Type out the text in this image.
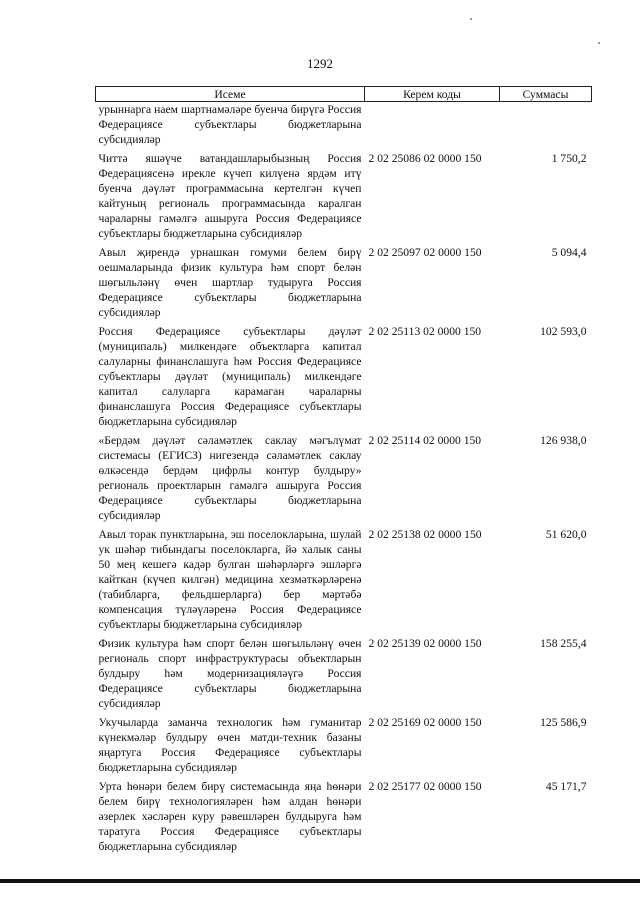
1292
Исеме	Керем коды	Суммасы
урыннарга наем шартнамәләре буенча бирүгә Россия Федерациясе субъектлары бюджетларына субсидияләр		
Читтә яшәүче ватандашларыбызның Россия Федерациясенә ирекле күчеп килүенә ярдәм итү буенча дәүләт программасына кертелгән күчеп кайтуның региональ программасында каралган чараларны гамәлгә ашыруга Россия Федерациясе субъектлары бюджетларына субсидияләр	2 02 25086 02 0000 150	1 750,2
Авыл җирендә урнашкан гомуми белем бирү оешмаларында физик культура һәм спорт белән шөгыльләнү өчен шартлар тудыруга Россия Федерациясе субъектлары бюджетларына субсидияләр	2 02 25097 02 0000 150	5 094,4
Россия Федерациясе субъектлары дәүләт (муниципаль) милкендәге объектларга капитал салуларны финанслашуга һәм Россия Федерациясе субъектлары дәүләт (муниципаль) милкендәге капитал салуларга карамаган чараларны финанслашуга Россия Федерациясе субъектлары бюджетларына субсидияләр	2 02 25113 02 0000 150	102 593,0
«Бердәм дәүләт сәламәтлек саклау мәгълүмат системасы (ЕГИСЗ) нигезендә сәламәтлек саклау өлкәсендә бердәм цифрлы контур булдыру» региональ проектларын гамәлгә ашыруга Россия Федерациясе субъектлары бюджетларына субсидияләр	2 02 25114 02 0000 150	126 938,0
Авыл торак пунктларына, эш поселокларына, шулай ук шәһәр тибындагы поселокларга, йә халык саны 50 мең кешегә кадәр булган шәһәрләргә эшләргә кайткан (күчеп килгән) медицина хезмәткәрләренә (табибларга, фельдшерларга) бер мәртәбә компенсация түләүләренә Россия Федерациясе субъектлары бюджетларына субсидияләр	2 02 25138 02 0000 150	51 620,0
Физик культура һәм спорт белән шөгыльләнү өчен региональ спорт инфраструктурасы объектларын булдыру һәм модернизацияләүгә Россия Федерациясе субъектлары бюджетларына субсидияләр	2 02 25139 02 0000 150	158 255,4
Укучыларда заманча технологик һәм гуманитар күнекмәләр булдыру өчен матди-техник базаны яңартуга Россия Федерациясе субъектлары бюджетларына субсидияләр	2 02 25169 02 0000 150	125 586,9
Урта һөнәри белем бирү системасында яңа һөнәри белем бирү технологияләрен һәм алдан һөнәри әзерлек хәсләрен куру рәвешләрен булдыруга һәм таратуга Россия Федерациясе субъектлары бюджетларына субсидияләр	2 02 25177 02 0000 150	45 171,7
